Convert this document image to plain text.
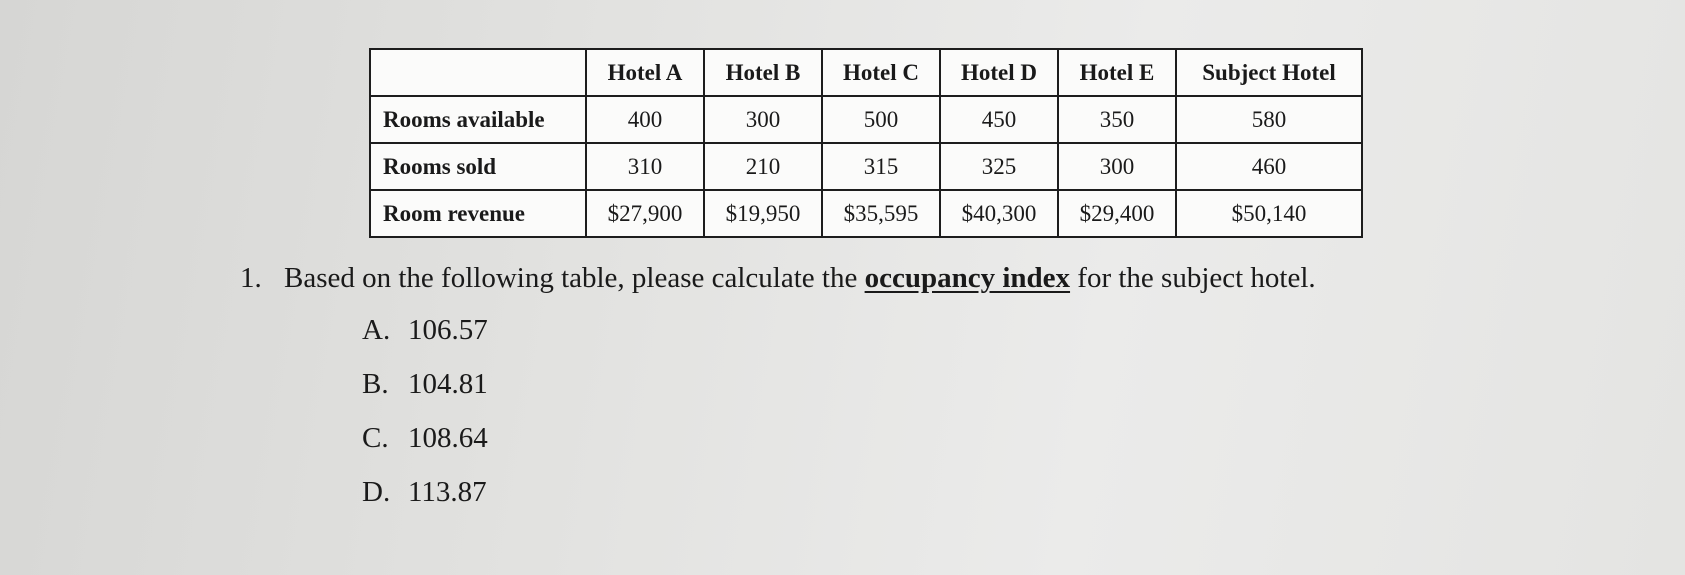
	Hotel A	Hotel B	Hotel C	Hotel D	Hotel E	Subject Hotel
Rooms available	400	300	500	450	350	580
Rooms sold	310	210	315	325	300	460
Room revenue	$27,900	$19,950	$35,595	$40,300	$29,400	$50,140
1. Based on the following table, please calculate the occupancy index for the subject hotel.
A. 106.57
B. 104.81
C. 108.64
D. 113.87
